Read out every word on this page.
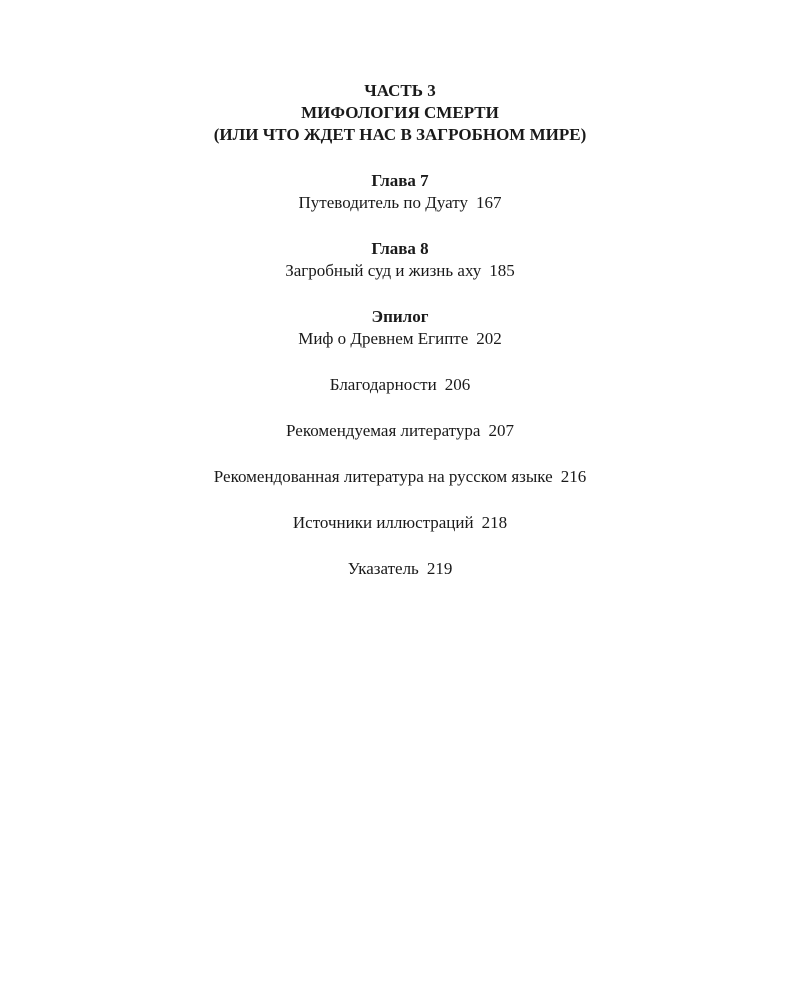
ЧАСТЬ 3
МИФОЛОГИЯ СМЕРТИ
(ИЛИ ЧТО ЖДЕТ НАС В ЗАГРОБНОМ МИРЕ)
Глава 7
Путеводитель по Дуату 167
Глава 8
Загробный суд и жизнь аху 185
Эпилог
Миф о Древнем Египте 202
Благодарности 206
Рекомендуемая литература 207
Рекомендованная литература на русском языке 216
Источники иллюстраций 218
Указатель 219
